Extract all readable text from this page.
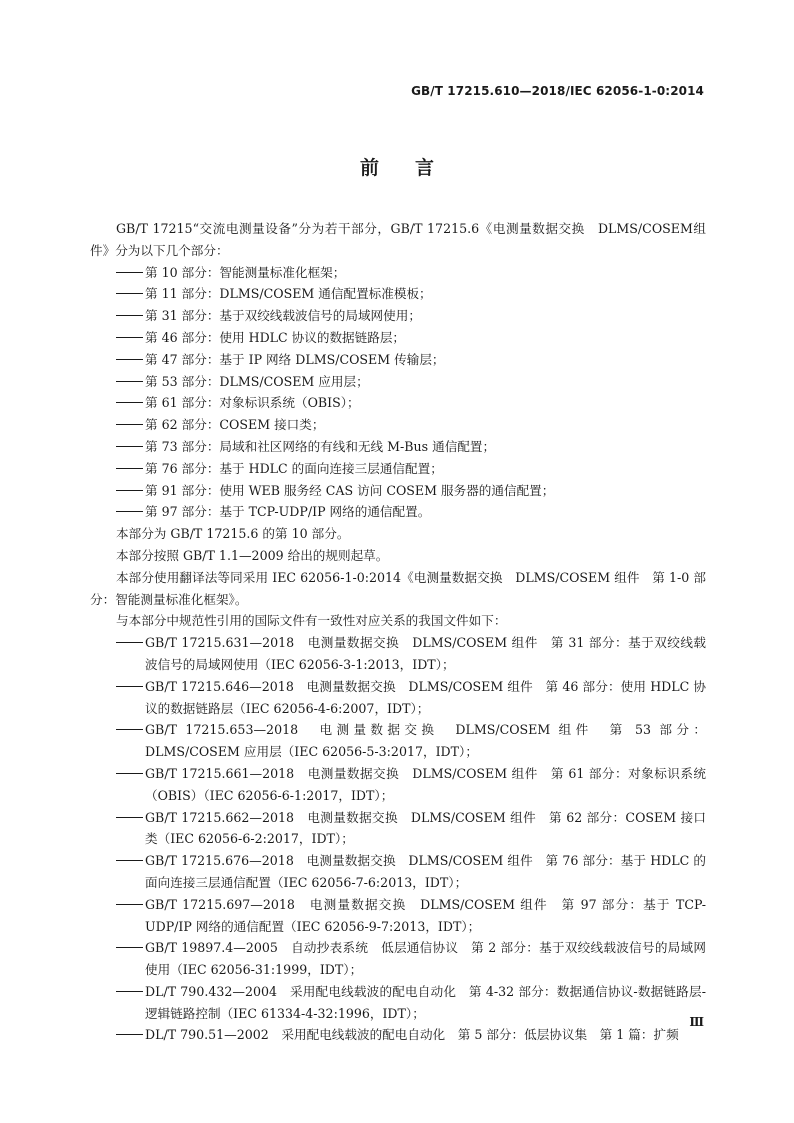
GB/T 17215.610—2018/IEC 62056-1-0:2014
前言

GB/T 17215“交流电测量设备”分为若干部分，GB/T 17215.6《电测量数据交换　DLMS/COSEM组件》分为以下几个部分：

第 10 部分：智能测量标准化框架；

第 11 部分：DLMS/COSEM 通信配置标准模板；

第 31 部分：基于双绞线载波信号的局域网使用；

第 46 部分：使用 HDLC 协议的数据链路层；

第 47 部分：基于 IP 网络 DLMS/COSEM 传输层；

第 53 部分：DLMS/COSEM 应用层；

第 61 部分：对象标识系统（OBIS）；

第 62 部分：COSEM 接口类；

第 73 部分：局域和社区网络的有线和无线 M-Bus 通信配置；

第 76 部分：基于 HDLC 的面向连接三层通信配置；

第 91 部分：使用 WEB 服务经 CAS 访问 COSEM 服务器的通信配置；

第 97 部分：基于 TCP-UDP/IP 网络的通信配置。

本部分为 GB/T 17215.6 的第 10 部分。

本部分按照 GB/T 1.1—2009 给出的规则起草。

本部分使用翻译法等同采用 IEC 62056-1-0:2014《电测量数据交换　DLMS/COSEM 组件　第 1-0 部分：智能测量标准化框架》。

与本部分中规范性引用的国际文件有一致性对应关系的我国文件如下：

GB/T 17215.631—2018　电测量数据交换　DLMS/COSEM 组件　第 31 部分：基于双绞线载波信号的局域网使用（IEC 62056-3-1:2013，IDT）；

GB/T 17215.646—2018　电测量数据交换　DLMS/COSEM 组件　第 46 部分：使用 HDLC 协议的数据链路层（IEC 62056-4-6:2007，IDT）；

GB/T 17215.653—2018　电测量数据交换　DLMS/COSEM 组件　第 53 部分：DLMS/COSEM 应用层（IEC 62056-5-3:2017，IDT）；

GB/T 17215.661—2018　电测量数据交换　DLMS/COSEM 组件　第 61 部分：对象标识系统（OBIS）（IEC 62056-6-1:2017，IDT）；

GB/T 17215.662—2018　电测量数据交换　DLMS/COSEM 组件　第 62 部分：COSEM 接口类（IEC 62056-6-2:2017，IDT）；

GB/T 17215.676—2018　电测量数据交换　DLMS/COSEM 组件　第 76 部分：基于 HDLC 的面向连接三层通信配置（IEC 62056-7-6:2013，IDT）；

GB/T 17215.697—2018　电测量数据交换　DLMS/COSEM 组件　第 97 部分：基于 TCP-UDP/IP 网络的通信配置（IEC 62056-9-7:2013，IDT）；

GB/T 19897.4—2005　自动抄表系统　低层通信协议　第 2 部分：基于双绞线载波信号的局域网使用（IEC 62056-31:1999，IDT）；

DL/T 790.432—2004　采用配电线载波的配电自动化　第 4-32 部分：数据通信协议-数据链路层-逻辑链路控制（IEC 61334-4-32:1996，IDT）；

DL/T 790.51—2002　采用配电线载波的配电自动化　第 5 部分：低层协议集　第 1 篇：扩频

Ⅲ
